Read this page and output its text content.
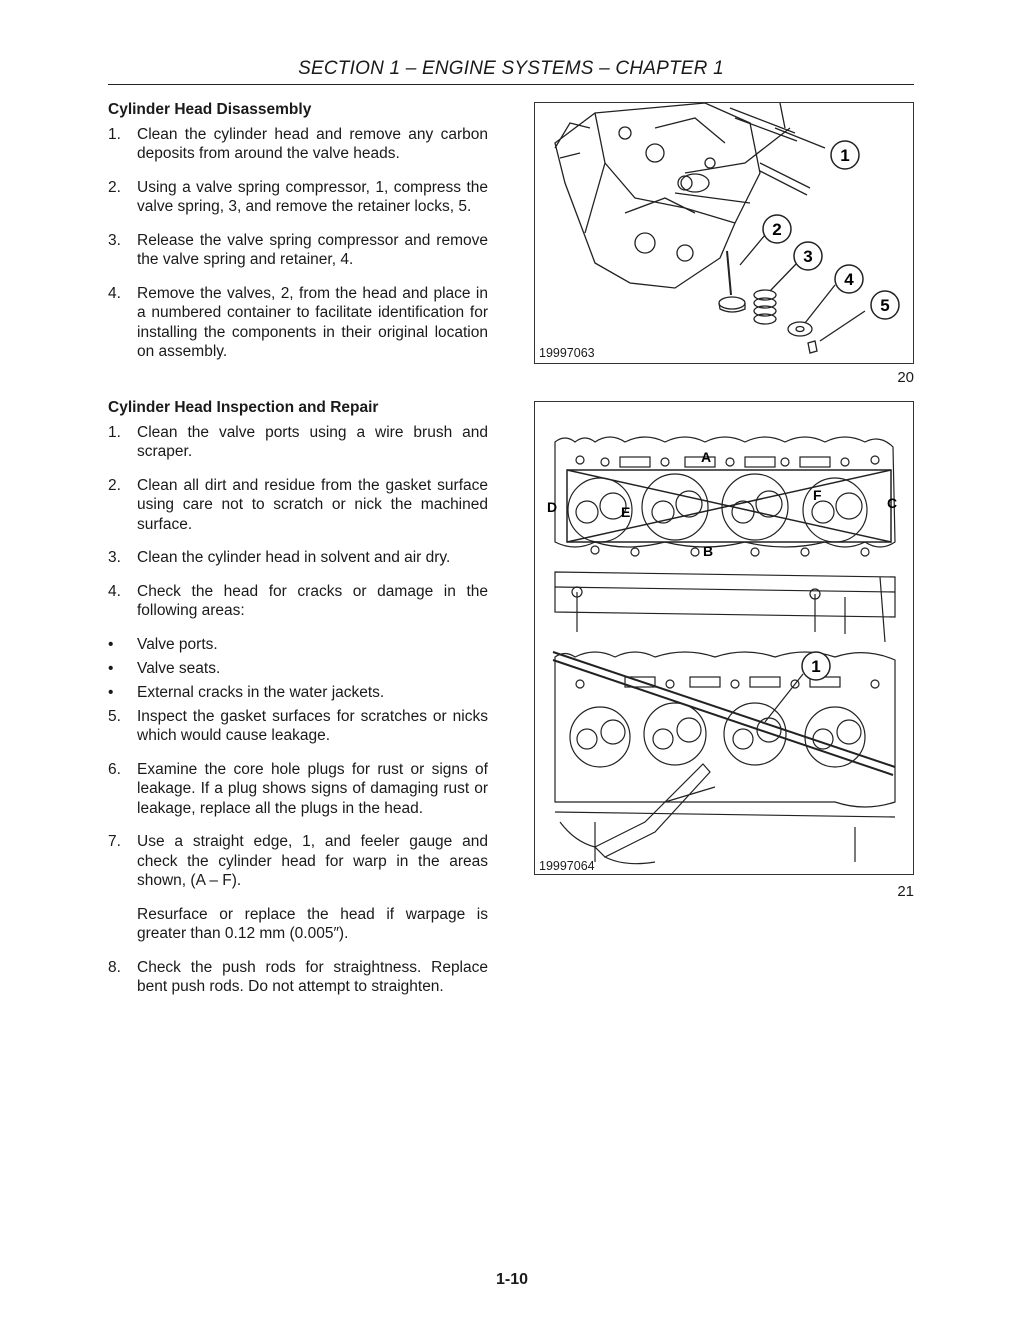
SECTION 1 – ENGINE SYSTEMS – CHAPTER 1

Cylinder Head Disassembly

1. Clean the cylinder head and remove any carbon deposits from around the valve heads.
2. Using a valve spring compressor, 1, compress the valve spring, 3, and remove the retainer locks, 5.
3. Release the valve spring compressor and remove the valve spring and retainer, 4.
4. Remove the valves, 2, from the head and place in a numbered container to facilitate identification for installing the components in their original location on assembly.

Cylinder Head Inspection and Repair

1. Clean the valve ports using a wire brush and scraper.
2. Clean all dirt and residue from the gasket surface using care not to scratch or nick the machined surface.
3. Clean the cylinder head in solvent and air dry.
4. Check the head for cracks or damage in the following areas:
• Valve ports.
• Valve seats.
• External cracks in the water jackets.
5. Inspect the gasket surfaces for scratches or nicks which would cause leakage.
6. Examine the core hole plugs for rust or signs of leakage. If a plug shows signs of damaging rust or leakage, replace all the plugs in the head.
7. Use a straight edge, 1, and feeler gauge and check the cylinder head for warp in the areas shown, (A – F).
Resurface or replace the head if warpage is greater than 0.12 mm (0.005″).
8. Check the push rods for straightness. Replace bent push rods. Do not attempt to straighten.
1
2
3
4
5
19997063
20
1
A
B
C
D	E
F
19997064
21
1-10
